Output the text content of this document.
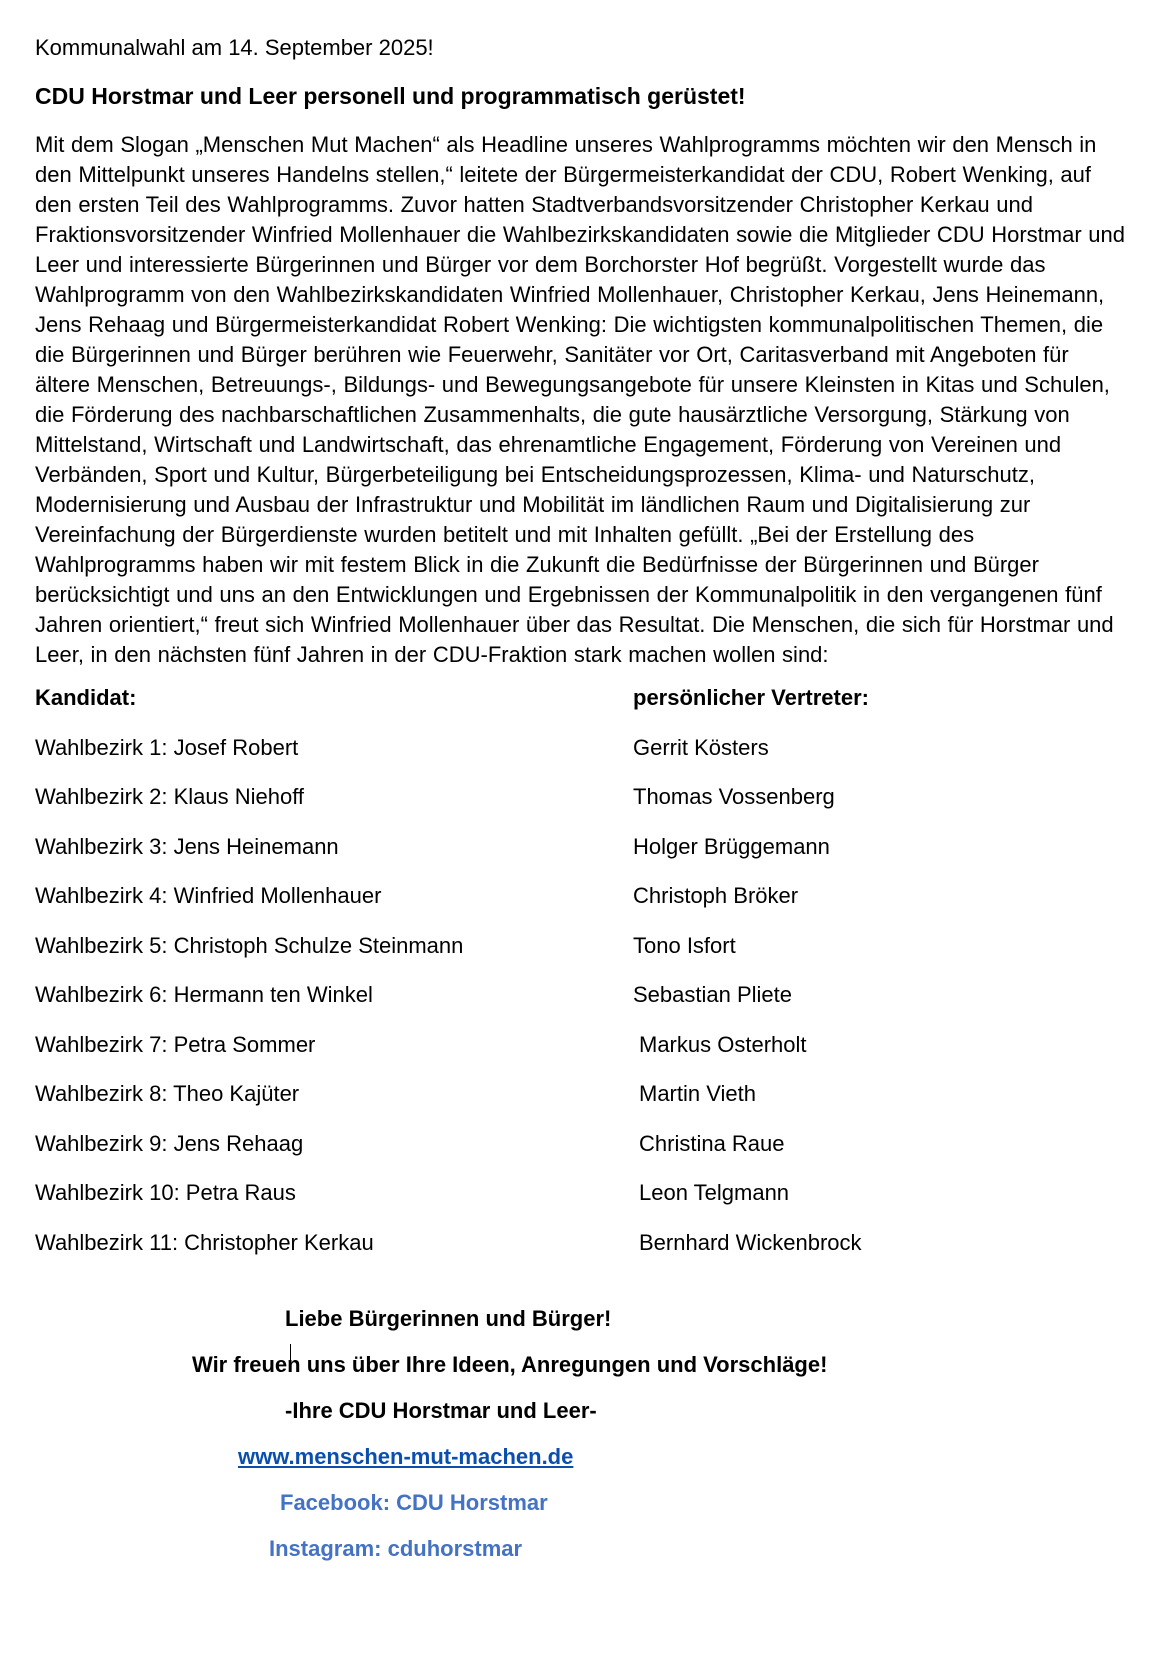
Kommunalwahl am 14. September 2025!

CDU Horstmar und Leer personell und programmatisch gerüstet!

Mit dem Slogan „Menschen Mut Machen“ als Headline unseres Wahlprogramms möchten wir den Mensch in den Mittelpunkt unseres Handelns stellen,“ leitete der Bürgermeisterkandidat der CDU, Robert Wenking, auf den ersten Teil des Wahlprogramms. Zuvor hatten Stadtverbandsvorsitzender Christopher Kerkau und Fraktionsvorsitzender Winfried Mollenhauer die Wahlbezirkskandidaten sowie die Mitglieder CDU Horstmar und Leer und interessierte Bürgerinnen und Bürger vor dem Borchorster Hof begrüßt. Vorgestellt wurde das Wahlprogramm von den Wahlbezirkskandidaten Winfried Mollenhauer, Christopher Kerkau, Jens Heinemann, Jens Rehaag und Bürgermeisterkandidat Robert Wenking: Die wichtigsten kommunalpolitischen Themen, die die Bürgerinnen und Bürger berühren wie Feuerwehr, Sanitäter vor Ort, Caritasverband mit Angeboten für ältere Menschen, Betreuungs-, Bildungs- und Bewegungsangebote für unsere Kleinsten in Kitas und Schulen, die Förderung des nachbarschaftlichen Zusammenhalts, die gute hausärztliche Versorgung, Stärkung von Mittelstand, Wirtschaft und Landwirtschaft, das ehrenamtliche Engagement, Förderung von Vereinen und Verbänden, Sport und Kultur, Bürgerbeteiligung bei Entscheidungsprozessen, Klima- und Naturschutz, Modernisierung und Ausbau der Infrastruktur und Mobilität im ländlichen Raum und Digitalisierung zur Vereinfachung der Bürgerdienste wurden betitelt und mit Inhalten gefüllt. „Bei der Erstellung des Wahlprogramms haben wir mit festem Blick in die Zukunft die Bedürfnisse der Bürgerinnen und Bürger berücksichtigt und uns an den Entwicklungen und Ergebnissen der Kommunalpolitik in den vergangenen fünf Jahren orientiert,“ freut sich Winfried Mollenhauer über das Resultat. Die Menschen, die sich für Horstmar und Leer, in den nächsten fünf Jahren in der CDU-Fraktion stark machen wollen sind:

Kandidat:	persönlicher Vertreter:
Wahlbezirk 1: Josef Robert	Gerrit Kösters
Wahlbezirk 2: Klaus Niehoff	Thomas Vossenberg
Wahlbezirk 3: Jens Heinemann	Holger Brüggemann
Wahlbezirk 4: Winfried Mollenhauer	Christoph Bröker
Wahlbezirk 5: Christoph Schulze Steinmann	Tono Isfort
Wahlbezirk 6: Hermann ten Winkel	Sebastian Pliete
Wahlbezirk 7: Petra Sommer	Markus Osterholt
Wahlbezirk 8: Theo Kajüter	Martin Vieth
Wahlbezirk 9: Jens Rehaag	Christina Raue
Wahlbezirk 10: Petra Raus	Leon Telgmann
Wahlbezirk 11: Christopher Kerkau	Bernhard Wickenbrock
Liebe Bürgerinnen und Bürger!
Wir freuen uns über Ihre Ideen, Anregungen und Vorschläge!
-Ihre CDU Horstmar und Leer-
www.menschen-mut-machen.de
Facebook: CDU Horstmar
Instagram: cduhorstmar
